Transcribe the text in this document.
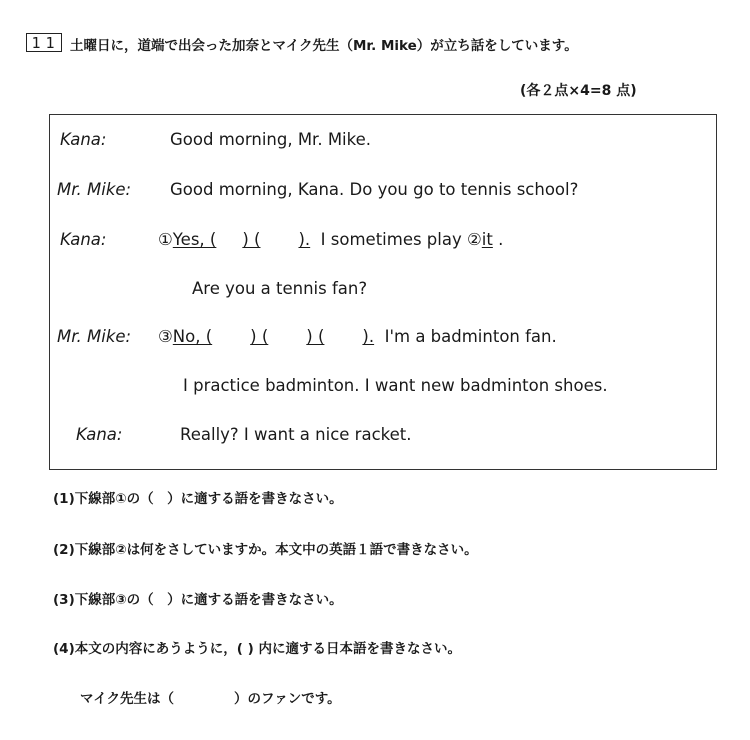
11 土曜日に，道端で出会った加奈とマイク先生（Mr. Mike）が立ち話をしています。
(各２点×4=8 点)
Kana:	Good morning, Mr. Mike.
Mr. Mike: Good morning, Kana. Do you go to tennis school?
Kana:	①Yes, ( ) ( ).  I sometimes play ②it .
Are you a tennis fan?
Mr. Mike: ③No, ( ) ( ) ( ).  I'm a badminton fan.
I practice badminton. I want new badminton shoes.
Kana:	Really? I want a nice racket.
(1)下線部①の（　）に適する語を書きなさい。
(2)下線部②は何をさしていますか。本文中の英語１語で書きなさい。
(3)下線部③の（　）に適する語を書きなさい。
(4)本文の内容にあうように，( ) 内に適する日本語を書きなさい。
マイク先生は（	）のファンです。
